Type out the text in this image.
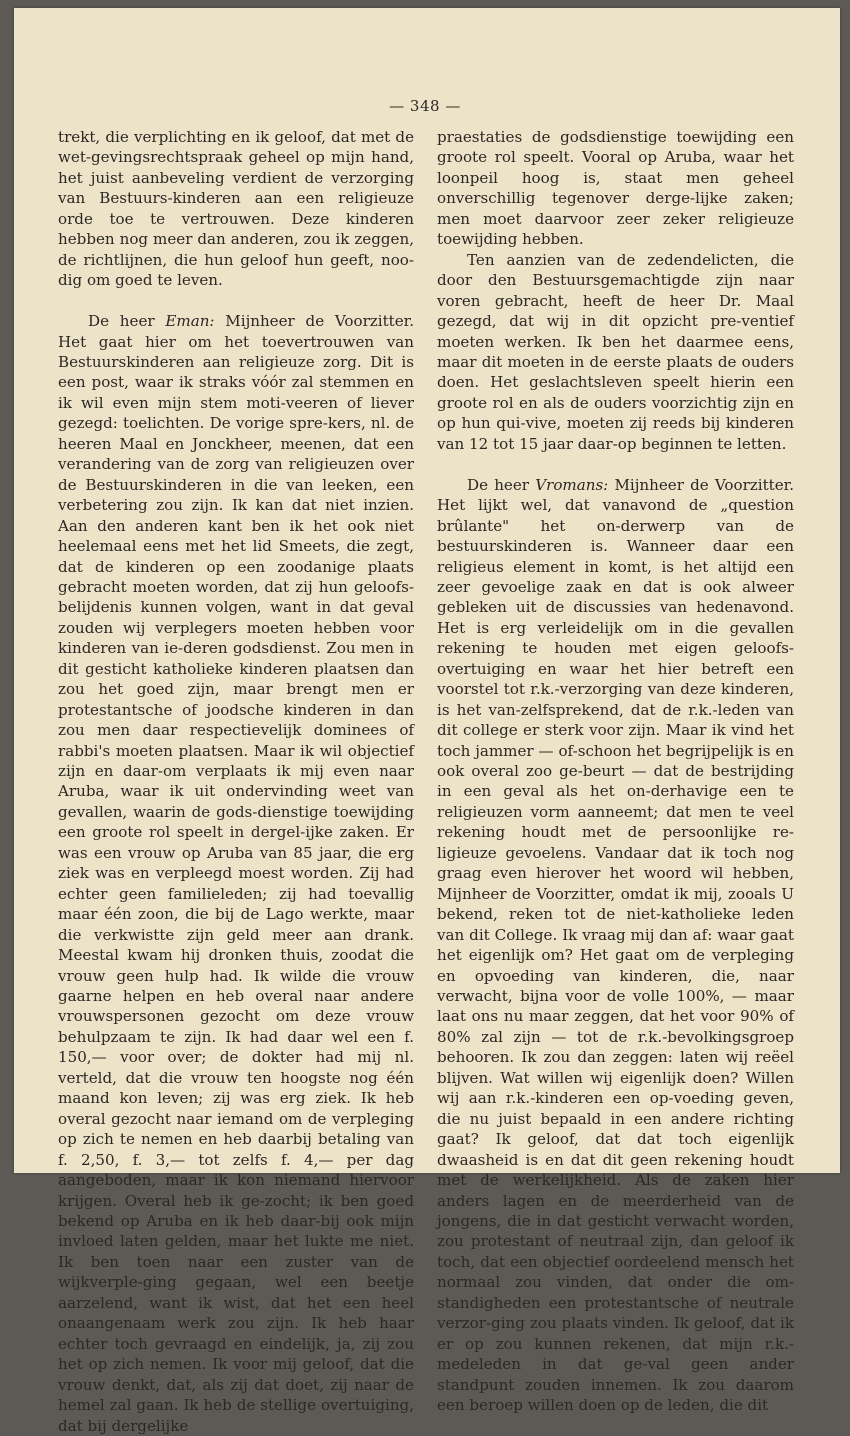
— 348 —

trekt, die verplichting en ik geloof, dat met de wet-gevingsrechtspraak geheel op mijn hand, het juist aanbeveling verdient de verzorging van Bestuurs-kinderen aan een religieuze orde toe te vertrouwen. Deze kinderen hebben nog meer dan anderen, zou ik zeggen, de richtlijnen, die hun geloof hun geeft, noo-dig om goed te leven.

De heer Eman: Mijnheer de Voorzitter. Het gaat hier om het toevertrouwen van Bestuurskinderen aan religieuze zorg. Dit is een post, waar ik straks vóór zal stemmen en ik wil even mijn stem moti-veeren of liever gezegd: toelichten. De vorige spre-kers, nl. de heeren Maal en Jonckheer, meenen, dat een verandering van de zorg van religieuzen over de Bestuurskinderen in die van leeken, een verbetering zou zijn. Ik kan dat niet inzien. Aan den anderen kant ben ik het ook niet heelemaal eens met het lid Smeets, die zegt, dat de kinderen op een zoodanige plaats gebracht moeten worden, dat zij hun geloofs-belijdenis kunnen volgen, want in dat geval zouden wij verplegers moeten hebben voor kinderen van ie-deren godsdienst. Zou men in dit gesticht katholieke kinderen plaatsen dan zou het goed zijn, maar brengt men er protestantsche of joodsche kinderen in dan zou men daar respectievelijk dominees of rabbi's moeten plaatsen. Maar ik wil objectief zijn en daar-om verplaats ik mij even naar Aruba, waar ik uit ondervinding weet van gevallen, waarin de gods-dienstige toewijding een groote rol speelt in dergel-ijke zaken. Er was een vrouw op Aruba van 85 jaar, die erg ziek was en verpleegd moest worden. Zij had echter geen familieleden; zij had toevallig maar één zoon, die bij de Lago werkte, maar die verkwistte zijn geld meer aan drank. Meestal kwam hij dronken thuis, zoodat die vrouw geen hulp had. Ik wilde die vrouw gaarne helpen en heb overal naar andere vrouwspersonen gezocht om deze vrouw behulpzaam te zijn. Ik had daar wel een f. 150,— voor over; de dokter had mij nl. verteld, dat die vrouw ten hoogste nog één maand kon leven; zij was erg ziek. Ik heb overal gezocht naar iemand om de verpleging op zich te nemen en heb daarbij betaling van f. 2,50, f. 3,— tot zelfs f. 4,— per dag aangeboden, maar ik kon niemand hiervoor krijgen. Overal heb ik ge-zocht; ik ben goed bekend op Aruba en ik heb daar-bij ook mijn invloed laten gelden, maar het lukte me niet. Ik ben toen naar een zuster van de wijkverple-ging gegaan, wel een beetje aarzelend, want ik wist, dat het een heel onaangenaam werk zou zijn. Ik heb haar echter toch gevraagd en eindelijk, ja, zij zou het op zich nemen. Ik voor mij geloof, dat die vrouw denkt, dat, als zij dat doet, zij naar de hemel zal gaan. Ik heb de stellige overtuiging, dat bij dergelijke

praestaties de godsdienstige toewijding een groote rol speelt. Vooral op Aruba, waar het loonpeil hoog is, staat men geheel onverschillig tegenover derge-lijke zaken; men moet daarvoor zeer zeker religieuze toewijding hebben.

Ten aanzien van de zedendelicten, die door den Bestuursgemachtigde zijn naar voren gebracht, heeft de heer Dr. Maal gezegd, dat wij in dit opzicht pre-ventief moeten werken. Ik ben het daarmee eens, maar dit moeten in de eerste plaats de ouders doen. Het geslachtsleven speelt hierin een groote rol en als de ouders voorzichtig zijn en op hun qui-vive, moeten zij reeds bij kinderen van 12 tot 15 jaar daar-op beginnen te letten.

De heer Vromans: Mijnheer de Voorzitter. Het lijkt wel, dat vanavond de „question brûlante" het on-derwerp van de bestuurskinderen is. Wanneer daar een religieus element in komt, is het altijd een zeer gevoelige zaak en dat is ook alweer gebleken uit de discussies van hedenavond. Het is erg verleidelijk om in die gevallen rekening te houden met eigen geloofs-overtuiging en waar het hier betreft een voorstel tot r.k.-verzorging van deze kinderen, is het van-zelfsprekend, dat de r.k.-leden van dit college er sterk voor zijn. Maar ik vind het toch jammer — of-schoon het begrijpelijk is en ook overal zoo ge-beurt — dat de bestrijding in een geval als het on-derhavige een te religieuzen vorm aanneemt; dat men te veel rekening houdt met de persoonlijke re-ligieuze gevoelens. Vandaar dat ik toch nog graag even hierover het woord wil hebben, Mijnheer de Voorzitter, omdat ik mij, zooals U bekend, reken tot de niet-katholieke leden van dit College. Ik vraag mij dan af: waar gaat het eigenlijk om? Het gaat om de verpleging en opvoeding van kinderen, die, naar verwacht, bijna voor de volle 100%, — maar laat ons nu maar zeggen, dat het voor 90% of 80% zal zijn — tot de r.k.-bevolkingsgroep behooren. Ik zou dan zeggen: laten wij reëel blijven. Wat willen wij eigenlijk doen? Willen wij aan r.k.-kinderen een op-voeding geven, die nu juist bepaald in een andere richting gaat? Ik geloof, dat dat toch eigenlijk dwaasheid is en dat dit geen rekening houdt met de werkelijkheid. Als de zaken hier anders lagen en de meerderheid van de jongens, die in dat gesticht verwacht worden, zou protestant of neutraal zijn, dan geloof ik toch, dat een objectief oordeelend mensch het normaal zou vinden, dat onder die om-standigheden een protestantsche of neutrale verzor-ging zou plaats vinden. Ik geloof, dat ik er op zou kunnen rekenen, dat mijn r.k.-medeleden in dat ge-val geen ander standpunt zouden innemen. Ik zou daarom een beroep willen doen op de leden, die dit
